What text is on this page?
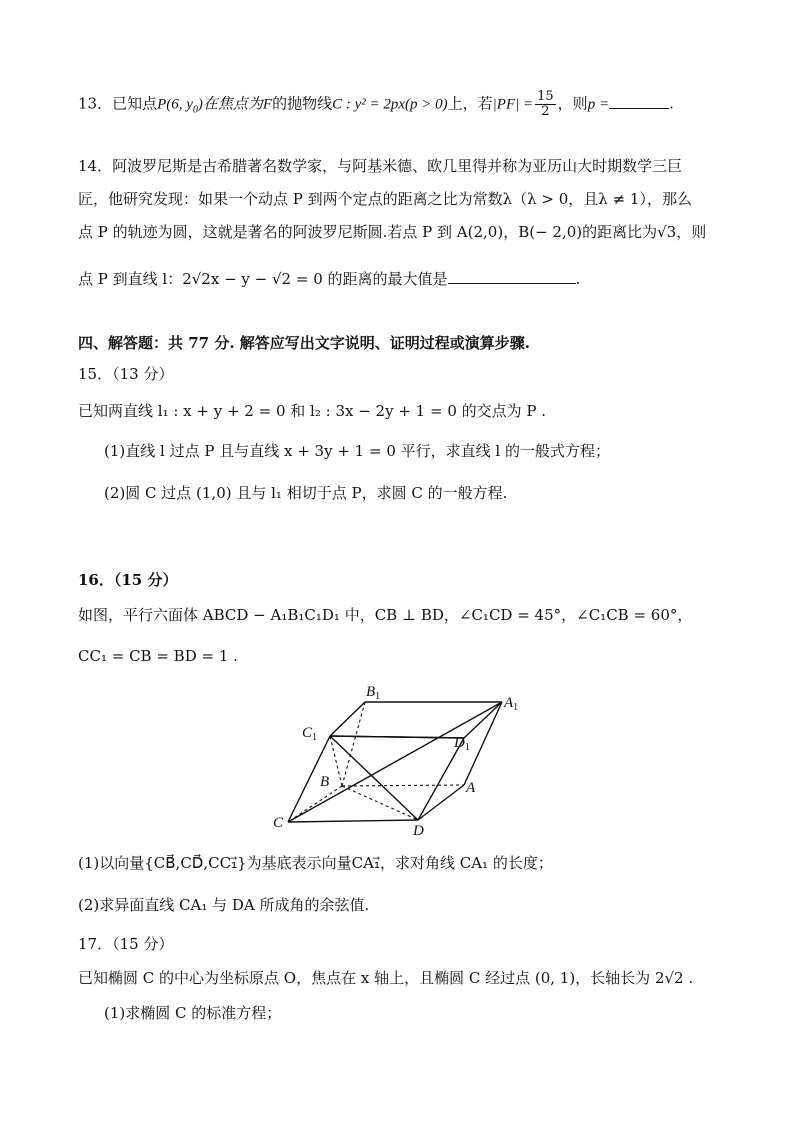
13．已知点P(6, $y_0$)在焦点为F的抛物线C : y² = 2px(p > 0)上，若$|PF| = \frac{15}{2}$ ，则p =	.
14．阿波罗尼斯是古希腊著名数学家，与阿基米德、欧几里得并称为亚历山大时期数学三巨
匠，他研究发现：如果一个动点 P 到两个定点的距离之比为常数λ（λ > 0，且λ ≠ 1），那么
点 P 的轨迹为圆，这就是著名的阿波罗尼斯圆.若点 P 到 A(2,0)，B(− 2,0)的距离比为√3，则
点 P 到直线 l：2√2x − y − √2 = 0 的距离的最大值是	.
四、解答题：共 77 分. 解答应写出文字说明、证明过程或演算步骤.
15．（13 分）
已知两直线 l₁ : x + y + 2 = 0 和 l₂ : 3x − 2y + 1 = 0 的交点为 P .
(1)直线 l 过点 P 且与直线 x + 3y + 1 = 0 平行，求直线 l 的一般式方程；
(2)圆 C 过点 (1,0) 且与 l₁ 相切于点 P，求圆 C 的一般方程.
16．（15 分）
如图，平行六面体 ABCD − A₁B₁C₁D₁ 中，CB ⊥ BD，∠C₁CD = 45°，∠C₁CB = 60°，
CC₁ = CB = BD = 1 .
$B_1$	$A_1$
$C_1$	$D_1$
B	A
C	D
(1)以向量{CB⃗,CD⃗,CC₁⃗}为基底表示向量CA₁⃗，求对角线 CA₁ 的长度；
(2)求异面直线 CA₁ 与 DA 所成角的余弦值.
17．（15 分）
已知椭圆 C 的中心为坐标原点 O，焦点在 x 轴上，且椭圆 C 经过点 (0, 1)，长轴长为 2√2 .
(1)求椭圆 C 的标准方程；
